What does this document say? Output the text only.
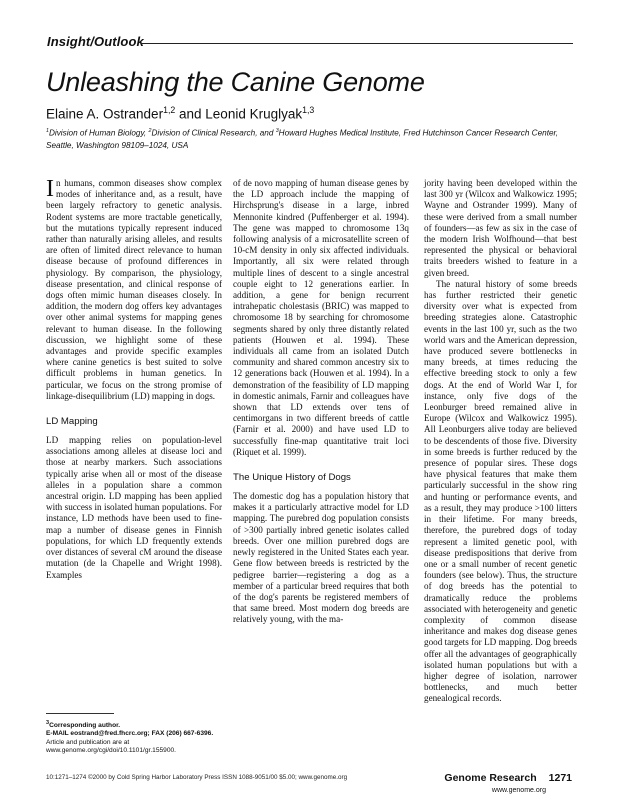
Insight/Outlook
Unleashing the Canine Genome
Elaine A. Ostrander$^{1,2}$ and Leonid Kruglyak$^{1,3}$
$^1$Division of Human Biology, $^2$Division of Clinical Research, and $^3$Howard Hughes Medical Institute, Fred Hutchinson Cancer Research Center, Seattle, Washington 98109–1024, USA

In humans, common diseases show complex modes of inheritance and, as a result, have been largely refractory to genetic analysis. Rodent systems are more tractable genetically, but the mutations typically represent induced rather than naturally arising alleles, and results are often of limited direct relevance to human disease because of profound differences in physiology. By comparison, the physiology, disease presentation, and clinical response of dogs often mimic human diseases closely. In addition, the modern dog offers key advantages over other animal systems for mapping genes relevant to human disease. In the following discussion, we highlight some of these advantages and provide specific examples where canine genetics is best suited to solve difficult problems in human genetics. In particular, we focus on the strong promise of linkage-disequilibrium (LD) mapping in dogs.

LD Mapping

LD mapping relies on population-level associations among alleles at disease loci and those at nearby markers. Such associations typically arise when all or most of the disease alleles in a population share a common ancestral origin. LD mapping has been applied with success in isolated human populations. For instance, LD methods have been used to fine-map a number of disease genes in Finnish populations, for which LD frequently extends over distances of several cM around the disease mutation (de la Chapelle and Wright 1998). Examples

of de novo mapping of human disease genes by the LD approach include the mapping of Hirchsprung's disease in a large, inbred Mennonite kindred (Puffenberger et al. 1994). The gene was mapped to chromosome 13q following analysis of a microsatellite screen of 10-cM density in only six affected individuals. Importantly, all six were related through multiple lines of descent to a single ancestral couple eight to 12 generations earlier. In addition, a gene for benign recurrent intrahepatic cholestasis (BRIC) was mapped to chromosome 18 by searching for chromosome segments shared by only three distantly related patients (Houwen et al. 1994). These individuals all came from an isolated Dutch community and shared common ancestry six to 12 generations back (Houwen et al. 1994). In a demonstration of the feasibility of LD mapping in domestic animals, Farnir and colleagues have shown that LD extends over tens of centimorgans in two different breeds of cattle (Farnir et al. 2000) and have used LD to successfully fine-map quantitative trait loci (Riquet et al. 1999).

The Unique History of Dogs

The domestic dog has a population history that makes it a particularly attractive model for LD mapping. The purebred dog population consists of >300 partially inbred genetic isolates called breeds. Over one million purebred dogs are newly registered in the United States each year. Gene flow between breeds is restricted by the pedigree barrier—registering a dog as a member of a particular breed requires that both of the dog's parents be registered members of that same breed. Most modern dog breeds are relatively young, with the ma-

jority having been developed within the last 300 yr (Wilcox and Walkowicz 1995; Wayne and Ostrander 1999). Many of these were derived from a small number of founders—as few as six in the case of the modern Irish Wolfhound—that best represented the physical or behavioral traits breeders wished to feature in a given breed.

The natural history of some breeds has further restricted their genetic diversity over what is expected from breeding strategies alone. Catastrophic events in the last 100 yr, such as the two world wars and the American depression, have produced severe bottlenecks in many breeds, at times reducing the effective breeding stock to only a few dogs. At the end of World War I, for instance, only five dogs of the Leonburger breed remained alive in Europe (Wilcox and Walkowicz 1995). All Leonburgers alive today are believed to be descendents of those five. Diversity in some breeds is further reduced by the presence of popular sires. These dogs have physical features that make them particularly successful in the show ring and hunting or performance events, and as a result, they may produce >100 litters in their lifetime. For many breeds, therefore, the purebred dogs of today represent a limited genetic pool, with disease predispositions that derive from one or a small number of recent genetic founders (see below). Thus, the structure of dog breeds has the potential to dramatically reduce the problems associated with heterogeneity and genetic complexity of common disease inheritance and makes dog disease genes good targets for LD mapping. Dog breeds offer all the advantages of geographically isolated human populations but with a higher degree of isolation, narrower bottlenecks, and much better genealogical records.

$^3$Corresponding author.
E-MAIL eostrand@fred.fhcrc.org; FAX (206) 667-6396.
Article and publication are at www.genome.org/cgi/doi/10.1101/gr.155900.
10:1271–1274 ©2000 by Cold Spring Harbor Laboratory Press ISSN 1088-9051/00 $5.00; www.genome.org	Genome Research 1271
www.genome.org
